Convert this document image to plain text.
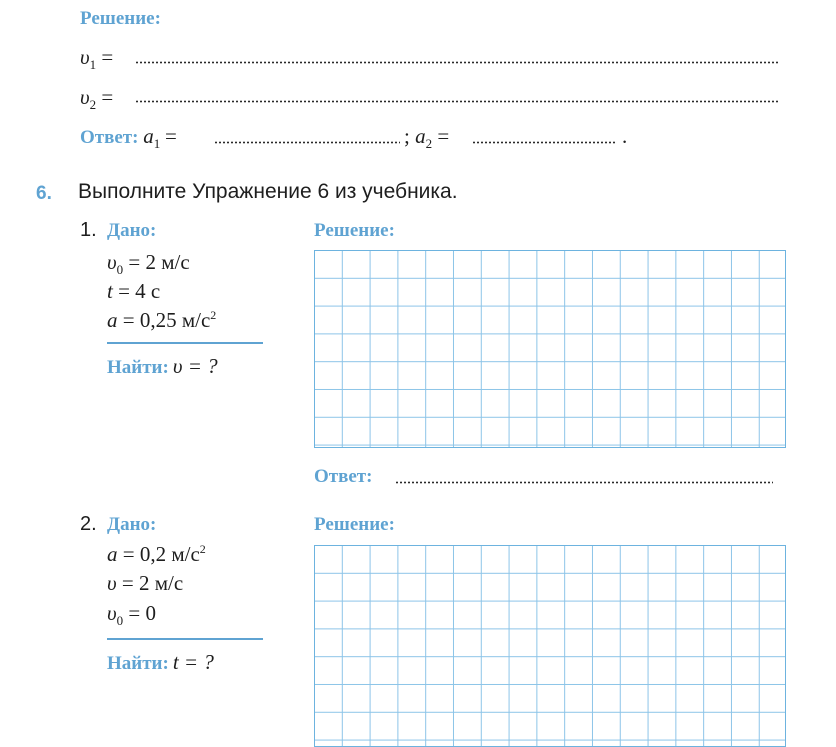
Решение:
$\upsilon_1$ =
$\upsilon_2$ =
Ответ: $a_1$ =	; $a_2$ =	.
6. Выполните Упражнение 6 из учебника.
1. Дано:
$\upsilon_0 = 2$ м/с
t = 4 с
a = 0,25 $м/с^2$
Найти: υ = ?
Решение:
Ответ:
2. Дано:
a = 0,2 $м/с^2$
υ = 2 м/с
$\upsilon_0 = 0$
Найти: t = ?
Решение:
